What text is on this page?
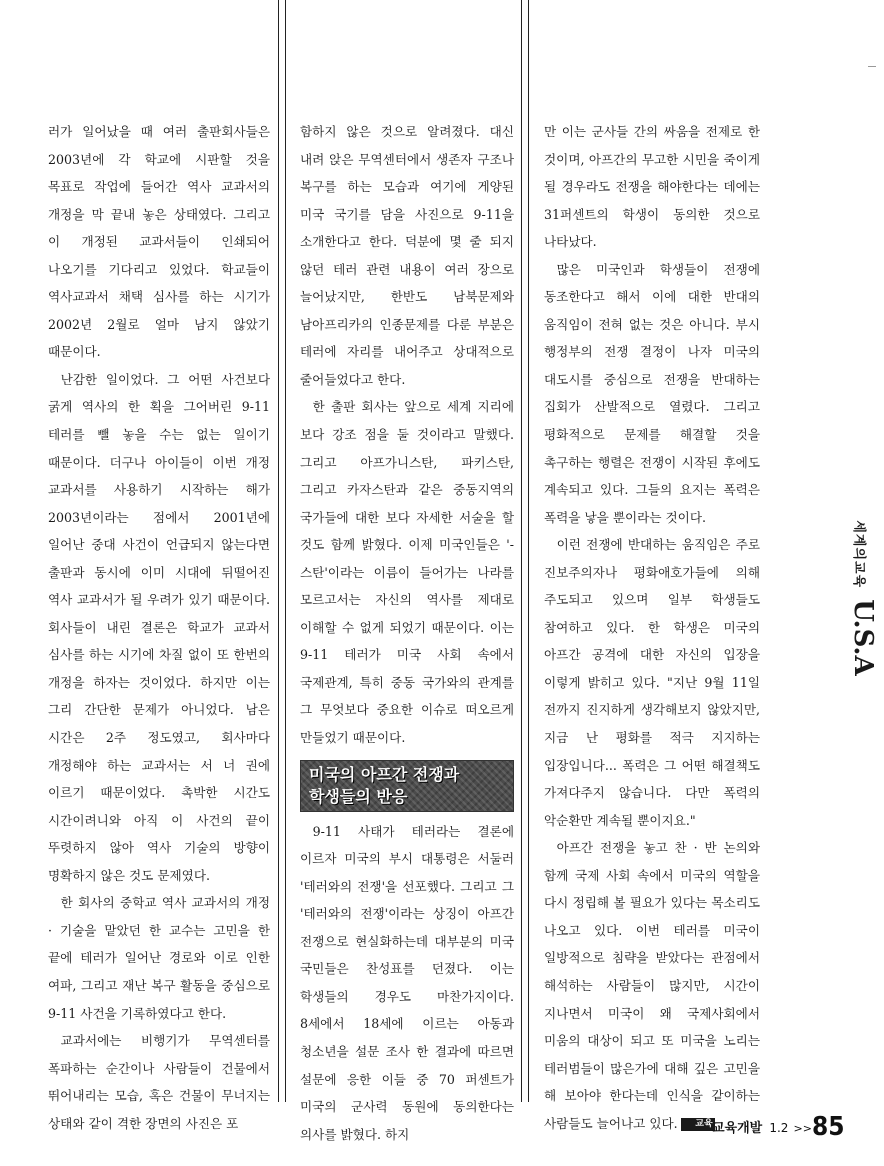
러가 일어났을 때 여러 출판회사들은 2003년에 각 학교에 시판할 것을 목표로 작업에 들어간 역사 교과서의 개정을 막 끝내 놓은 상태였다. 그리고 이 개정된 교과서들이 인쇄되어 나오기를 기다리고 있었다. 학교들이 역사교과서 채택 심사를 하는 시기가 2002년 2월로 얼마 남지 않았기 때문이다.

난감한 일이었다. 그 어떤 사건보다 굵게 역사의 한 획을 그어버린 9-11 테러를 뺄 놓을 수는 없는 일이기 때문이다. 더구나 아이들이 이번 개정 교과서를 사용하기 시작하는 해가 2003년이라는 점에서 2001년에 일어난 중대 사건이 언급되지 않는다면 출판과 동시에 이미 시대에 뒤떨어진 역사 교과서가 될 우려가 있기 때문이다. 회사들이 내린 결론은 학교가 교과서 심사를 하는 시기에 차질 없이 또 한번의 개정을 하자는 것이었다. 하지만 이는 그리 간단한 문제가 아니었다. 남은 시간은 2주 정도였고, 회사마다 개정해야 하는 교과서는 서 너 권에 이르기 때문이었다. 촉박한 시간도 시간이려니와 아직 이 사건의 끝이 뚜렷하지 않아 역사 기술의 방향이 명확하지 않은 것도 문제였다.

한 회사의 중학교 역사 교과서의 개정 · 기술을 맡았던 한 교수는 고민을 한 끝에 테러가 일어난 경로와 이로 인한 여파, 그리고 재난 복구 활동을 중심으로 9-11 사건을 기록하였다고 한다.

교과서에는 비행기가 무역센터를 폭파하는 순간이나 사람들이 건물에서 뛰어내리는 모습, 혹은 건물이 무너지는 상태와 같이 격한 장면의 사진은 포

함하지 않은 것으로 알려졌다. 대신 내려 앉은 무역센터에서 생존자 구조나 복구를 하는 모습과 여기에 게양된 미국 국기를 담을 사진으로 9-11을 소개한다고 한다. 덕분에 몇 줄 되지 않던 테러 관련 내용이 여러 장으로 늘어났지만, 한반도 남북문제와 남아프리카의 인종문제를 다룬 부분은 테러에 자리를 내어주고 상대적으로 줄어들었다고 한다.

한 출판 회사는 앞으로 세계 지리에 보다 강조 점을 둘 것이라고 말했다. 그리고 아프가니스탄, 파키스탄, 그리고 카자스탄과 같은 중동지역의 국가들에 대한 보다 자세한 서술을 할 것도 함께 밝혔다. 이제 미국인들은 '-스탄'이라는 이름이 들어가는 나라를 모르고서는 자신의 역사를 제대로 이해할 수 없게 되었기 때문이다. 이는 9-11 테러가 미국 사회 속에서 국제관계, 특히 중동 국가와의 관계를 그 무엇보다 중요한 이슈로 떠오르게 만들었기 때문이다.

미국의 아프간 전쟁과 학생들의 반응

9-11 사태가 테러라는 결론에 이르자 미국의 부시 대통령은 서둘러 '테러와의 전쟁'을 선포했다. 그리고 그 '테러와의 전쟁'이라는 상징이 아프간 전쟁으로 현실화하는데 대부분의 미국 국민들은 찬성표를 던졌다. 이는 학생들의 경우도 마찬가지이다. 8세에서 18세에 이르는 아동과 청소년을 설문 조사 한 결과에 따르면 설문에 응한 이들 중 70 퍼센트가 미국의 군사력 동원에 동의한다는 의사를 밝혔다. 하지

만 이는 군사들 간의 싸움을 전제로 한 것이며, 아프간의 무고한 시민을 죽이게 될 경우라도 전쟁을 해야한다는 데에는 31퍼센트의 학생이 동의한 것으로 나타났다.

많은 미국인과 학생들이 전쟁에 동조한다고 해서 이에 대한 반대의 움직임이 전혀 없는 것은 아니다. 부시 행정부의 전쟁 결정이 나자 미국의 대도시를 중심으로 전쟁을 반대하는 집회가 산발적으로 열렸다. 그리고 평화적으로 문제를 해결할 것을 촉구하는 행렬은 전쟁이 시작된 후에도 계속되고 있다. 그들의 요지는 폭력은 폭력을 낳을 뿐이라는 것이다.

이런 전쟁에 반대하는 움직임은 주로 진보주의자나 평화애호가들에 의해 주도되고 있으며 일부 학생들도 참여하고 있다. 한 학생은 미국의 아프간 공격에 대한 자신의 입장을 이렇게 밝히고 있다. "지난 9월 11일 전까지 진지하게 생각해보지 않았지만, 지금 난 평화를 적극 지지하는 입장입니다... 폭력은 그 어떤 해결책도 가져다주지 않습니다. 다만 폭력의 악순환만 계속될 뿐이지요."

아프간 전쟁을 놓고 찬 · 반 논의와 함께 국제 사회 속에서 미국의 역할을 다시 정립해 볼 필요가 있다는 목소리도 나오고 있다. 이번 테러를 미국이 일방적으로 침략을 받았다는 관점에서 해석하는 사람들이 많지만, 시간이 지나면서 미국이 왜 국제사회에서 미움의 대상이 되고 또 미국을 노리는 테러범들이 많은가에 대해 깊은 고민을 해 보아야 한다는데 인식을 같이하는 사람들도 늘어나고 있다. 교육

세계의교육 U.S.A
교육개발 1.2 >>85
